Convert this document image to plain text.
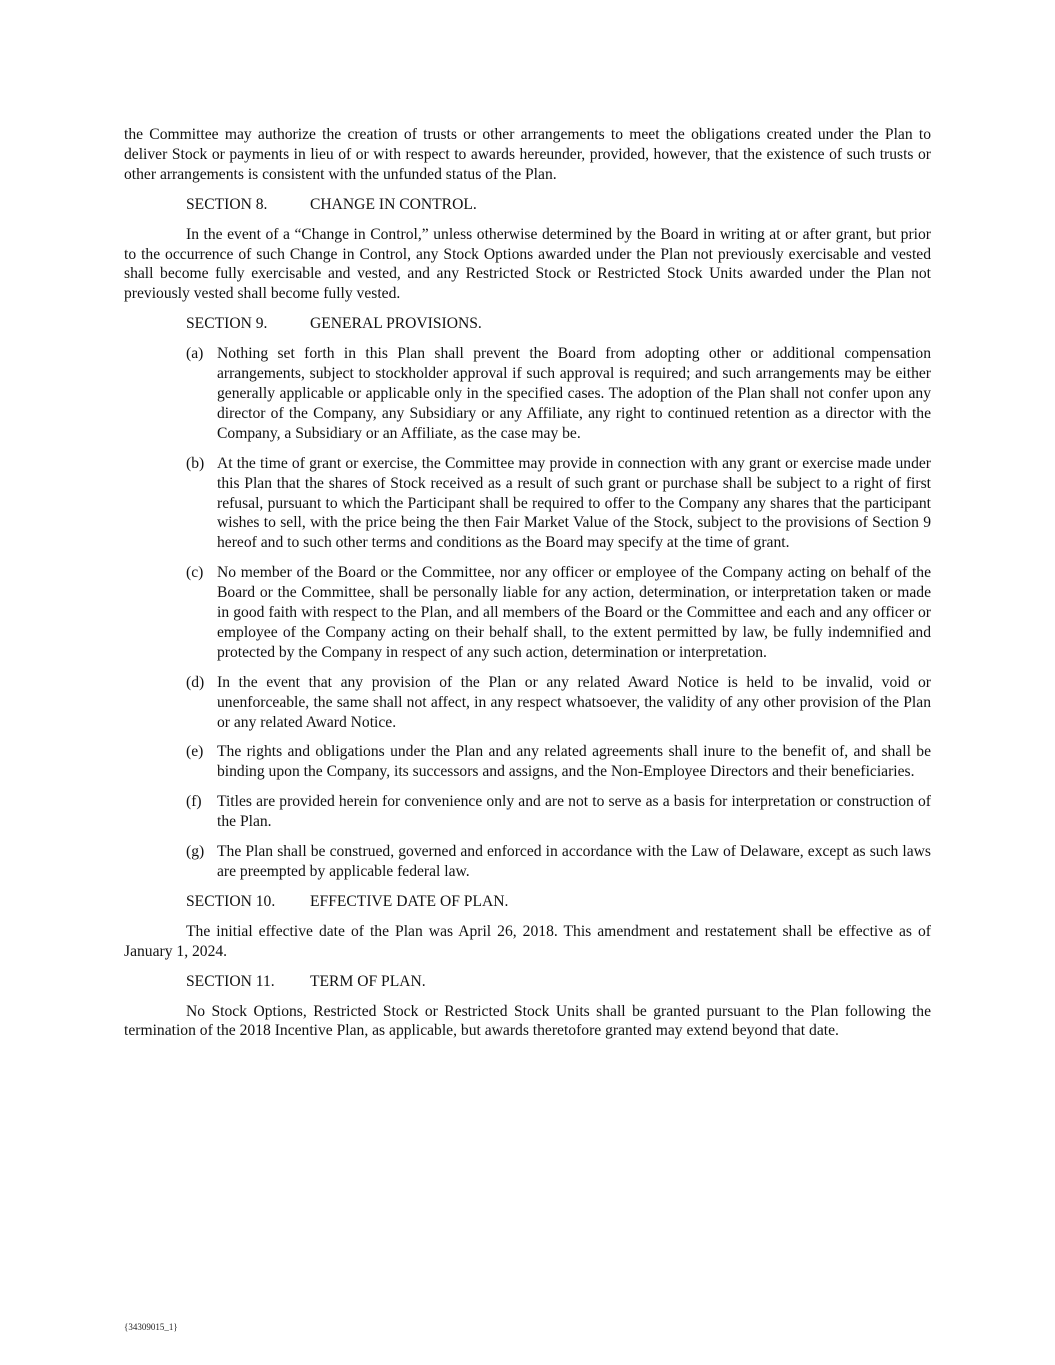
the Committee may authorize the creation of trusts or other arrangements to meet the obligations created under the Plan to deliver Stock or payments in lieu of or with respect to awards hereunder, provided, however, that the existence of such trusts or other arrangements is consistent with the unfunded status of the Plan.

SECTION 8.	CHANGE IN CONTROL.

In the event of a “Change in Control,” unless otherwise determined by the Board in writing at or after grant, but prior to the occurrence of such Change in Control, any Stock Options awarded under the Plan not previously exercisable and vested shall become fully exercisable and vested, and any Restricted Stock or Restricted Stock Units awarded under the Plan not previously vested shall become fully vested.

SECTION 9.	GENERAL PROVISIONS.
(a) Nothing set forth in this Plan shall prevent the Board from adopting other or additional compensation arrangements, subject to stockholder approval if such approval is required; and such arrangements may be either generally applicable or applicable only in the specified cases. The adoption of the Plan shall not confer upon any director of the Company, any Subsidiary or any Affiliate, any right to continued retention as a director with the Company, a Subsidiary or an Affiliate, as the case may be.
(b) At the time of grant or exercise, the Committee may provide in connection with any grant or exercise made under this Plan that the shares of Stock received as a result of such grant or purchase shall be subject to a right of first refusal, pursuant to which the Participant shall be required to offer to the Company any shares that the participant wishes to sell, with the price being the then Fair Market Value of the Stock, subject to the provisions of Section 9 hereof and to such other terms and conditions as the Board may specify at the time of grant.
(c) No member of the Board or the Committee, nor any officer or employee of the Company acting on behalf of the Board or the Committee, shall be personally liable for any action, determination, or interpretation taken or made in good faith with respect to the Plan, and all members of the Board or the Committee and each and any officer or employee of the Company acting on their behalf shall, to the extent permitted by law, be fully indemnified and protected by the Company in respect of any such action, determination or interpretation.
(d) In the event that any provision of the Plan or any related Award Notice is held to be invalid, void or unenforceable, the same shall not affect, in any respect whatsoever, the validity of any other provision of the Plan or any related Award Notice.
(e) The rights and obligations under the Plan and any related agreements shall inure to the benefit of, and shall be binding upon the Company, its successors and assigns, and the Non-Employee Directors and their beneficiaries.
(f) Titles are provided herein for convenience only and are not to serve as a basis for interpretation or construction of the Plan.
(g) The Plan shall be construed, governed and enforced in accordance with the Law of Delaware, except as such laws are preempted by applicable federal law.
SECTION 10. EFFECTIVE DATE OF PLAN.

The initial effective date of the Plan was April 26, 2018. This amendment and restatement shall be effective as of January 1, 2024.

SECTION 11. TERM OF PLAN.

No Stock Options, Restricted Stock or Restricted Stock Units shall be granted pursuant to the Plan following the termination of the 2018 Incentive Plan, as applicable, but awards theretofore granted may extend beyond that date.

{34309015_1}
